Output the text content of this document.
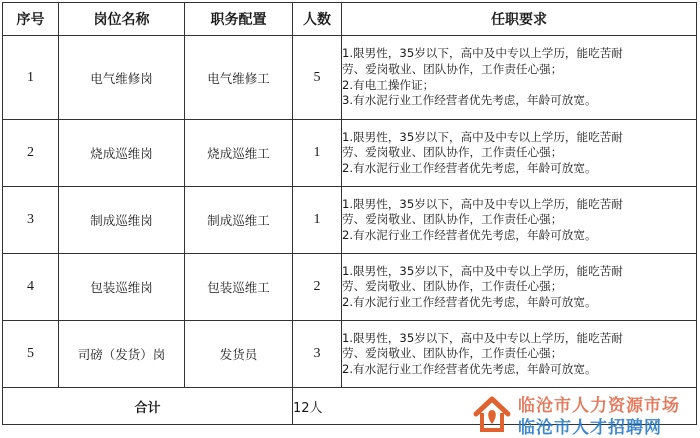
序号	岗位名称	职务配置	人数	任职要求
1	电气维修岗	电气维修工	5	1.限男性，35岁以下，高中及中专以上学历，能吃苦耐
劳、爱岗敬业、团队协作，工作责任心强；
2.有电工操作证；
3.有水泥行业工作经营者优先考虑，年龄可放宽。

2	烧成巡维岗	烧成巡维工	1	1.限男性，35岁以下，高中及中专以上学历，能吃苦耐
劳、爱岗敬业、团队协作，工作责任心强；
2.有水泥行业工作经营者优先考虑，年龄可放宽。

3	制成巡维岗	制成巡维工	1	1.限男性，35岁以下，高中及中专以上学历，能吃苦耐
劳、爱岗敬业、团队协作，工作责任心强；
2.有水泥行业工作经营者优先考虑，年龄可放宽。

4	包装巡维岗	包装巡维工	2	1.限男性，35岁以下，高中及中专以上学历，能吃苦耐
劳、爱岗敬业、团队协作，工作责任心强；
2.有水泥行业工作经营者优先考虑，年龄可放宽。

5	司磅（发货）岗	发货员	3	1.限男性，35岁以下，高中及中专以上学历，能吃苦耐
劳、爱岗敬业、团队协作，工作责任心强；
2.有水泥行业工作经营者优先考虑，年龄可放宽。

合计			12人		临沧市人力资源市场
临沧市人才招聘网
